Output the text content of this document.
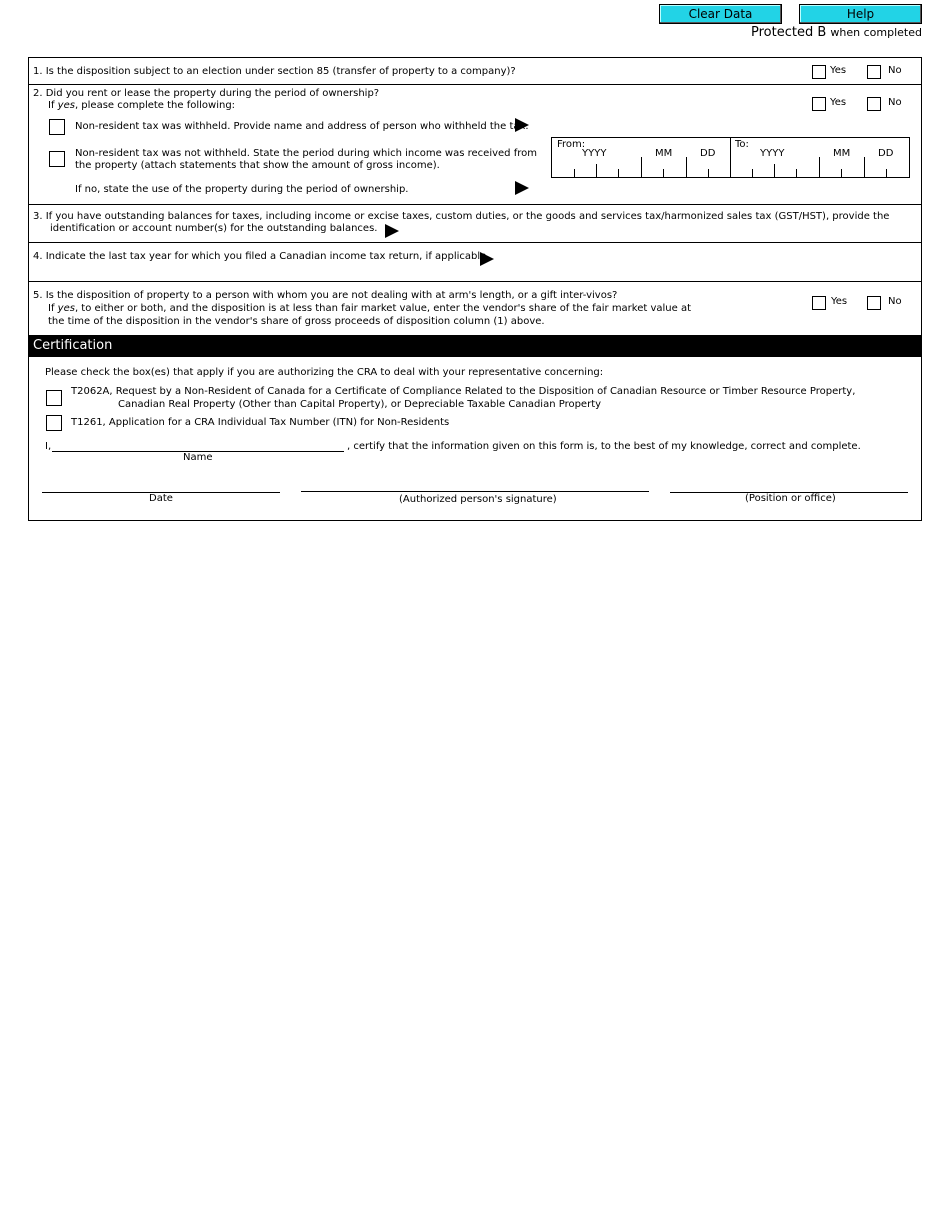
Clear Data	Help
Protected B when completed
1. Is the disposition subject to an election under section 85 (transfer of property to a company)?	Yes	No
2. Did you rent or lease the property during the period of ownership?
If yes, please complete the following:	Yes	No
Non-resident tax was withheld. Provide name and address of person who withheld the tax.
Non-resident tax was not withheld. State the period during which income was received from
the property (attach statements that show the amount of gross income).
If no, state the use of the property during the period of ownership.
From:
YYYY	MM	DD
To:
YYYY	MM	DD
3. If you have outstanding balances for taxes, including income or excise taxes, custom duties, or the goods and services tax/harmonized sales tax (GST/HST), provide the
identification or account number(s) for the outstanding balances.
4. Indicate the last tax year for which you filed a Canadian income tax return, if applicable.
5. Is the disposition of property to a person with whom you are not dealing with at arm's length, or a gift inter-vivos?
If yes, to either or both, and the disposition is at less than fair market value, enter the vendor's share of the fair market value at
the time of the disposition in the vendor's share of gross proceeds of disposition column (1) above.
Yes	No
Certification
Please check the box(es) that apply if you are authorizing the CRA to deal with your representative concerning:
T2062A, Request by a Non-Resident of Canada for a Certificate of Compliance Related to the Disposition of Canadian Resource or Timber Resource Property,
Canadian Real Property (Other than Capital Property), or Depreciable Taxable Canadian Property
T1261, Application for a CRA Individual Tax Number (ITN) for Non-Residents
I,	, certify that the information given on this form is, to the best of my knowledge, correct and complete.
Name
Date	(Authorized person's signature)	(Position or office)
